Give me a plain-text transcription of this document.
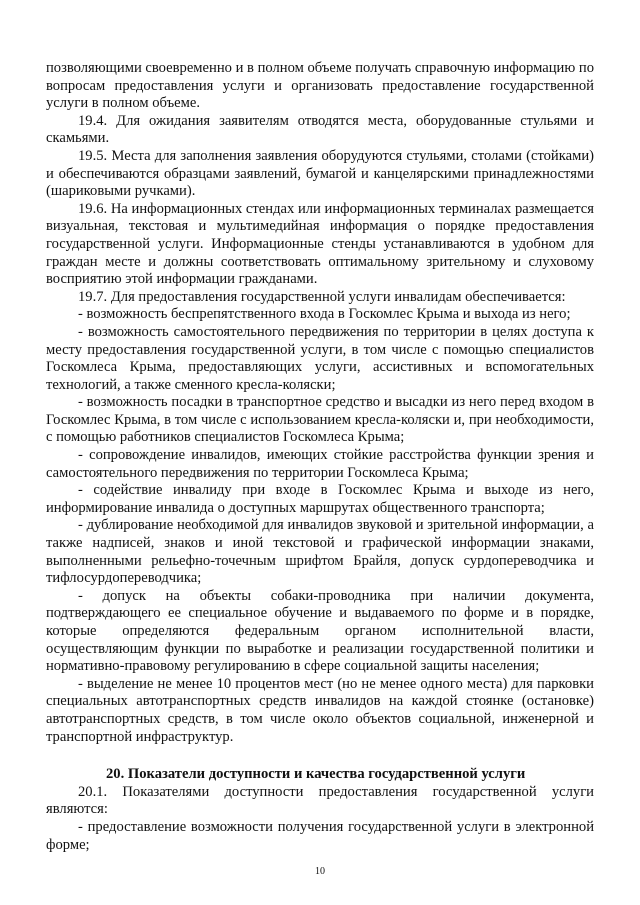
позволяющими своевременно и в полном объеме получать справочную информацию по вопросам предоставления услуги и организовать предоставление государственной услуги в полном объеме.

19.4. Для ожидания заявителям отводятся места, оборудованные стульями и скамьями.

19.5. Места для заполнения заявления оборудуются стульями, столами (стойками) и обеспечиваются образцами заявлений, бумагой и канцелярскими принадлежностями (шариковыми ручками).

19.6. На информационных стендах или информационных терминалах размещается визуальная, текстовая и мультимедийная информация о порядке предоставления государственной услуги. Информационные стенды устанавливаются в удобном для граждан месте и должны соответствовать оптимальному зрительному и слуховому восприятию этой информации гражданами.

19.7. Для предоставления государственной услуги инвалидам обеспечивается:

- возможность беспрепятственного входа в Госкомлес Крыма и выхода из него;

- возможность самостоятельного передвижения по территории в целях доступа к месту предоставления государственной услуги, в том числе с помощью специалистов Госкомлеса Крыма, предоставляющих услуги, ассистивных и вспомогательных технологий, а также сменного кресла-коляски;

- возможность посадки в транспортное средство и высадки из него перед входом в Госкомлес Крыма, в том числе с использованием кресла-коляски и, при необходимости, с помощью работников специалистов Госкомлеса Крыма;

- сопровождение инвалидов, имеющих стойкие расстройства функции зрения и самостоятельного передвижения по территории Госкомлеса Крыма;

- содействие инвалиду при входе в Госкомлес Крыма и выходе из него, информирование инвалида о доступных маршрутах общественного транспорта;

- дублирование необходимой для инвалидов звуковой и зрительной информации, а также надписей, знаков и иной текстовой и графической информации знаками, выполненными рельефно-точечным шрифтом Брайля, допуск сурдопереводчика и тифлосурдопереводчика;

- допуск на объекты собаки-проводника при наличии документа, подтверждающего ее специальное обучение и выдаваемого по форме и в порядке, которые определяются федеральным органом исполнительной власти, осуществляющим функции по выработке и реализации государственной политики и нормативно-правовому регулированию в сфере социальной защиты населения;

- выделение не менее 10 процентов мест (но не менее одного места) для парковки специальных автотранспортных средств инвалидов на каждой стоянке (остановке) автотранспортных средств, в том числе около объектов социальной, инженерной и транспортной инфраструктур.

20. Показатели доступности и качества государственной услуги

20.1. Показателями доступности предоставления государственной услуги являются:

- предоставление возможности получения государственной услуги в электронной форме;

10
